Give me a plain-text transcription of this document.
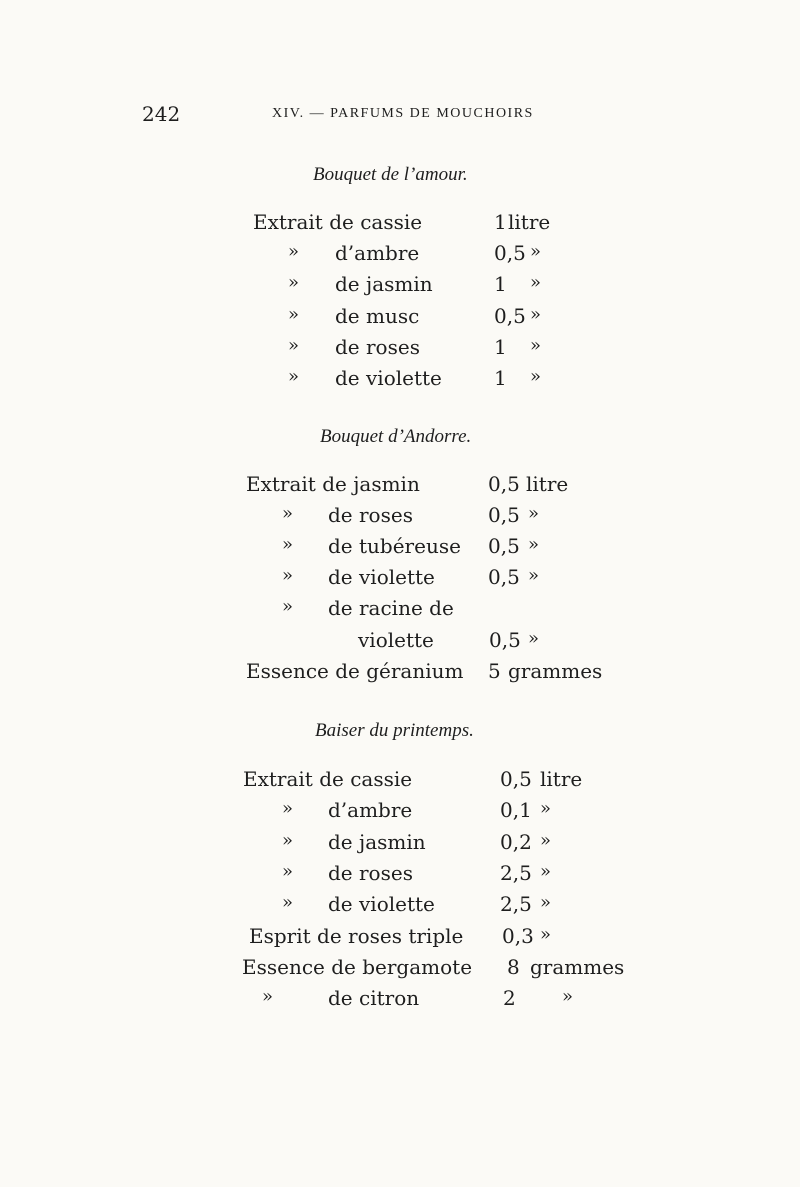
242	XIV. — PARFUMS DE MOUCHOIRS
Bouquet de l’amour.
Extrait de cassie	1 litre
» d’ambre	0,5 »
» de jasmin	1 »
» de musc	0,5 »
» de roses	1 »
» de violette	1 »
Bouquet d’Andorre.
Extrait de jasmin	0,5 litre
» de roses	0,5 »
» de tubéreuse 0,5 »
» de violette	0,5 »
» de racine de
violette	0,5 »
Essence de géranium 5 grammes
Baiser du printemps.
Extrait de cassie	0,5 litre
» d’ambre	0,1 »
» de jasmin	0,2 »
» de roses	2,5 »
» de violette	2,5 »
Esprit de roses triple 0,3 »
Essence de bergamote 8 grammes
»	de citron	2	»
